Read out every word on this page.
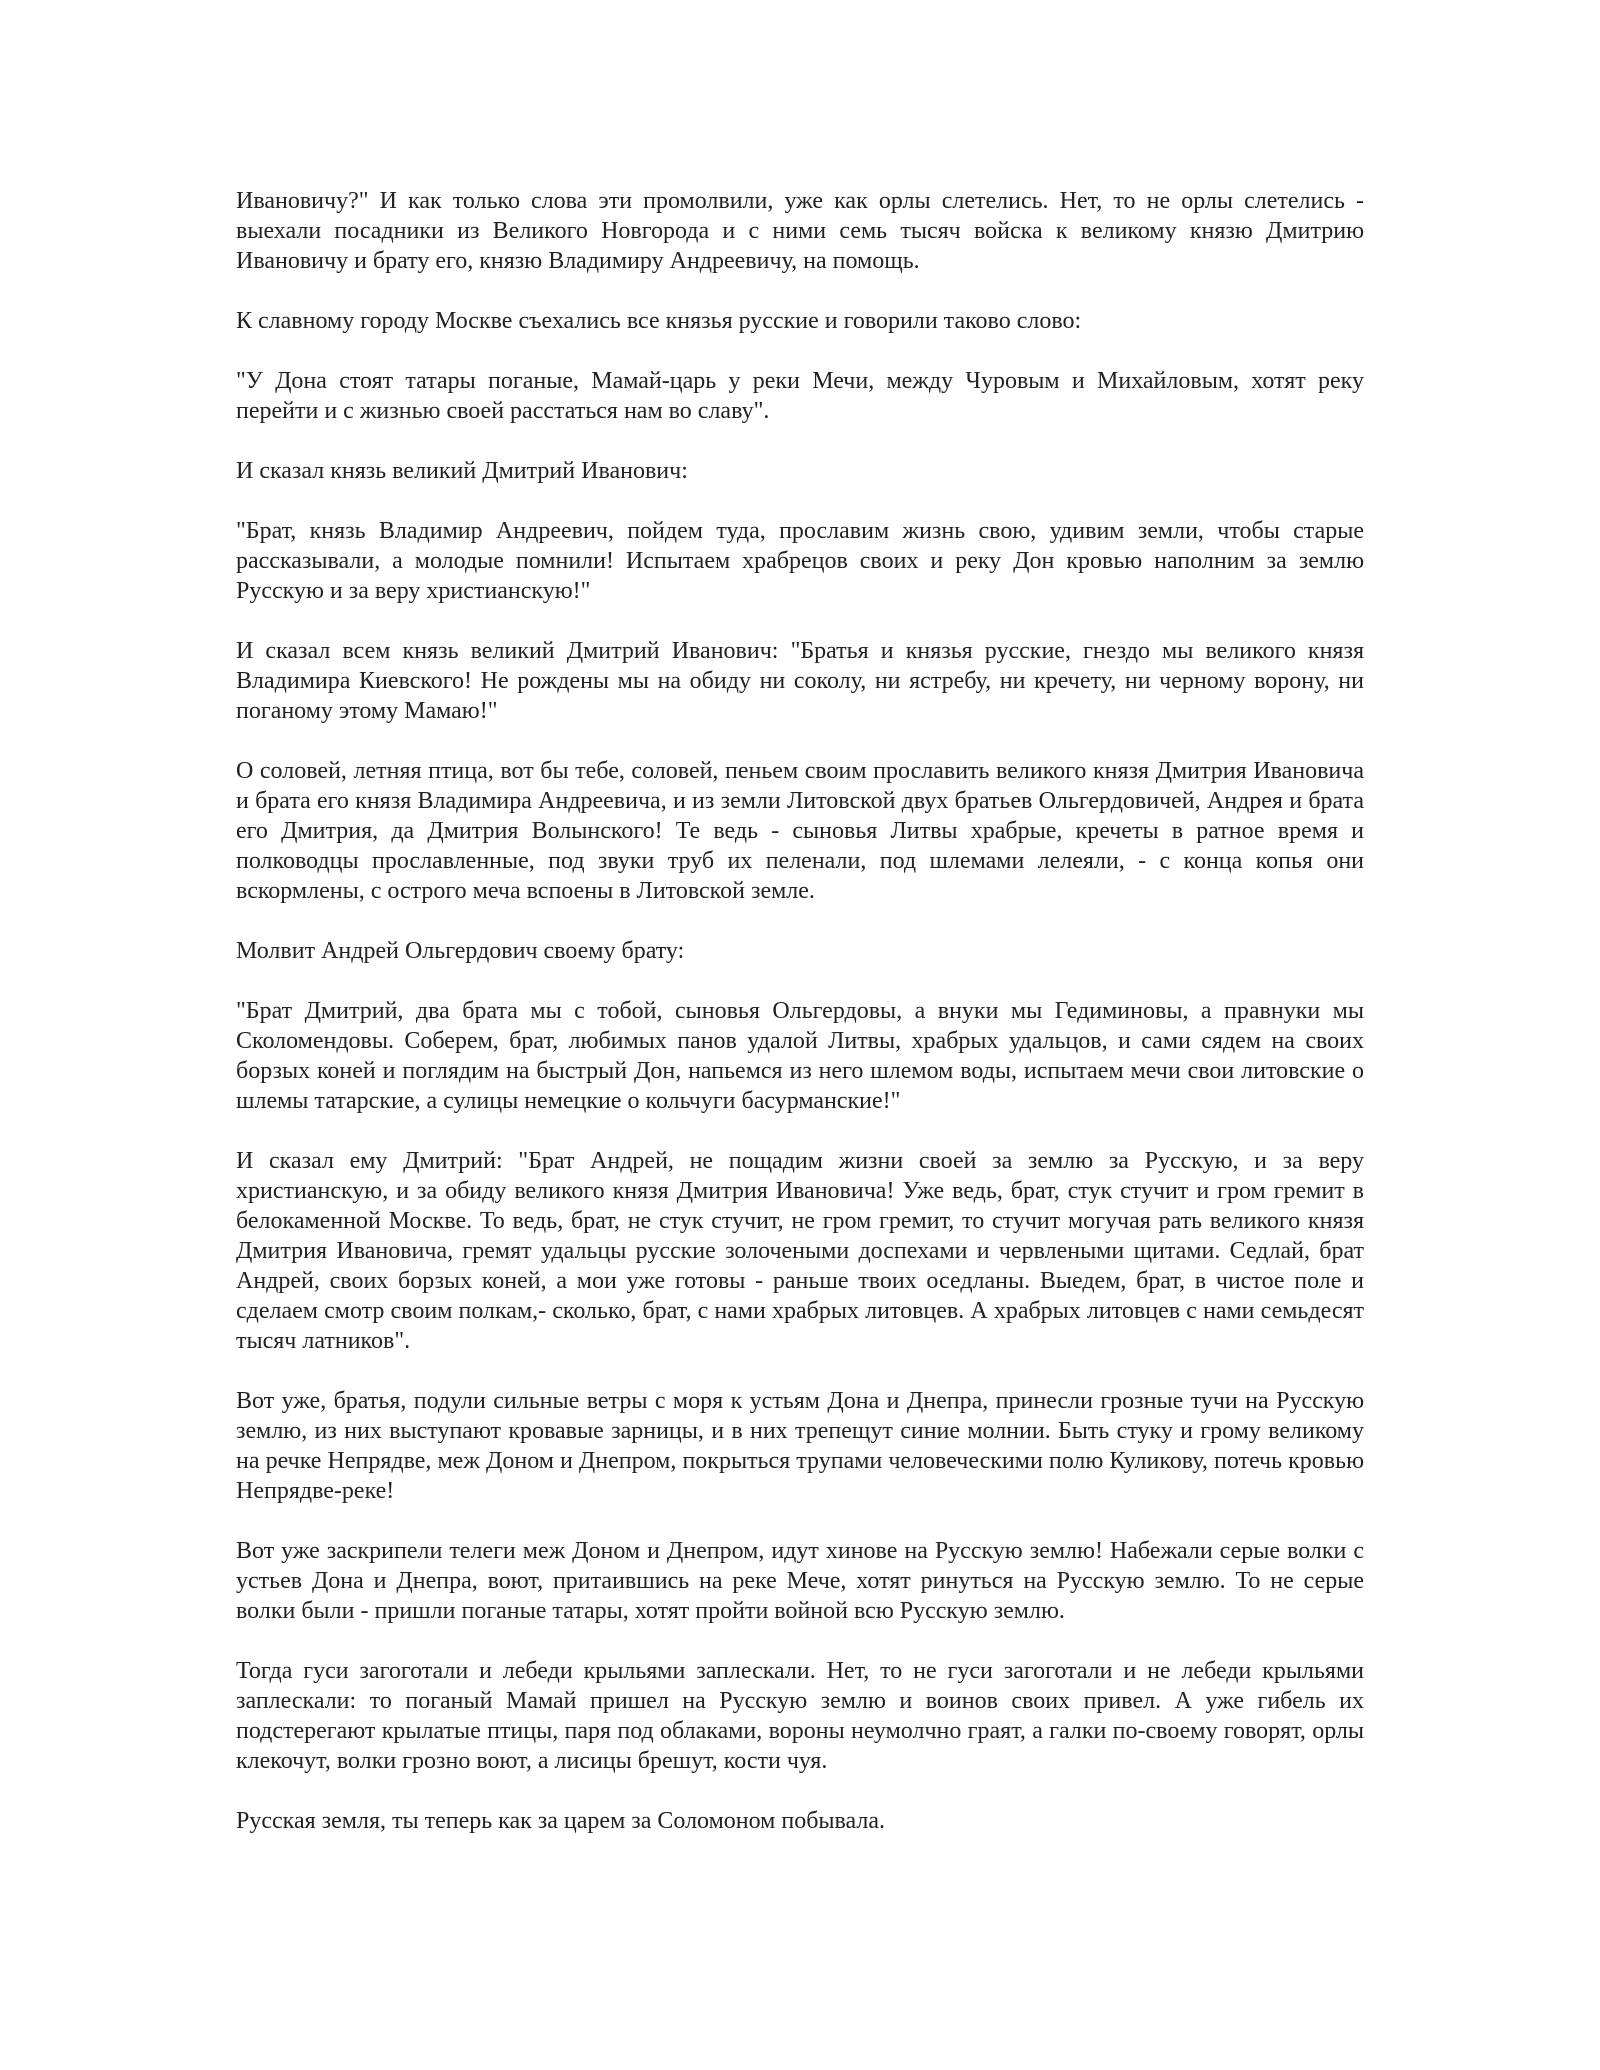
Ивановичу?" И как только слова эти промолвили, уже как орлы слетелись. Нет, то не орлы слетелись - выехали посадники из Великого Новгорода и с ними семь тысяч войска к великому князю Дмитрию Ивановичу и брату его, князю Владимиру Андреевичу, на помощь.

К славному городу Москве съехались все князья русские и говорили таково слово:

"У Дона стоят татары поганые, Мамай-царь у реки Мечи, между Чуровым и Михайловым, хотят реку перейти и с жизнью своей расстаться нам во славу".

И сказал князь великий Дмитрий Иванович:

"Брат, князь Владимир Андреевич, пойдем туда, прославим жизнь свою, удивим земли, чтобы старые рассказывали, а молодые помнили! Испытаем храбрецов своих и реку Дон кровью наполним за землю Русскую и за веру христианскую!"

И сказал всем князь великий Дмитрий Иванович: "Братья и князья русские, гнездо мы великого князя Владимира Киевского! Не рождены мы на обиду ни соколу, ни ястребу, ни кречету, ни черному ворону, ни поганому этому Мамаю!"

О соловей, летняя птица, вот бы тебе, соловей, пеньем своим прославить великого князя Дмитрия Ивановича и брата его князя Владимира Андреевича, и из земли Литовской двух братьев Ольгердовичей, Андрея и брата его Дмитрия, да Дмитрия Волынского! Те ведь - сыновья Литвы храбрые, кречеты в ратное время и полководцы прославленные, под звуки труб их пеленали, под шлемами лелеяли, - с конца копья они вскормлены, с острого меча вспоены в Литовской земле.

Молвит Андрей Ольгердович своему брату:

"Брат Дмитрий, два брата мы с тобой, сыновья Ольгердовы, а внуки мы Гедиминовы, а правнуки мы Сколомендовы. Соберем, брат, любимых панов удалой Литвы, храбрых удальцов, и сами сядем на своих борзых коней и поглядим на быстрый Дон, напьемся из него шлемом воды, испытаем мечи свои литовские о шлемы татарские, а сулицы немецкие о кольчуги басурманские!"

И сказал ему Дмитрий: "Брат Андрей, не пощадим жизни своей за землю за Русскую, и за веру христианскую, и за обиду великого князя Дмитрия Ивановича! Уже ведь, брат, стук стучит и гром гремит в белокаменной Москве. То ведь, брат, не стук стучит, не гром гремит, то стучит могучая рать великого князя Дмитрия Ивановича, гремят удальцы русские золочеными доспехами и червлеными щитами. Седлай, брат Андрей, своих борзых коней, а мои уже готовы - раньше твоих оседланы. Выедем, брат, в чистое поле и сделаем смотр своим полкам,- сколько, брат, с нами храбрых литовцев. А храбрых литовцев с нами семьдесят тысяч латников".

Вот уже, братья, подули сильные ветры с моря к устьям Дона и Днепра, принесли грозные тучи на Русскую землю, из них выступают кровавые зарницы, и в них трепещут синие молнии. Быть стуку и грому великому на речке Непрядве, меж Доном и Днепром, покрыться трупами человеческими полю Куликову, потечь кровью Непрядве-реке!

Вот уже заскрипели телеги меж Доном и Днепром, идут хинове на Русскую землю! Набежали серые волки с устьев Дона и Днепра, воют, притаившись на реке Мече, хотят ринуться на Русскую землю. То не серые волки были - пришли поганые татары, хотят пройти войной всю Русскую землю.

Тогда гуси загоготали и лебеди крыльями заплескали. Нет, то не гуси загоготали и не лебеди крыльями заплескали: то поганый Мамай пришел на Русскую землю и воинов своих привел. А уже гибель их подстерегают крылатые птицы, паря под облаками, вороны неумолчно граят, а галки по-своему говорят, орлы клекочут, волки грозно воют, а лисицы брешут, кости чуя.

Русская земля, ты теперь как за царем за Соломоном побывала.
